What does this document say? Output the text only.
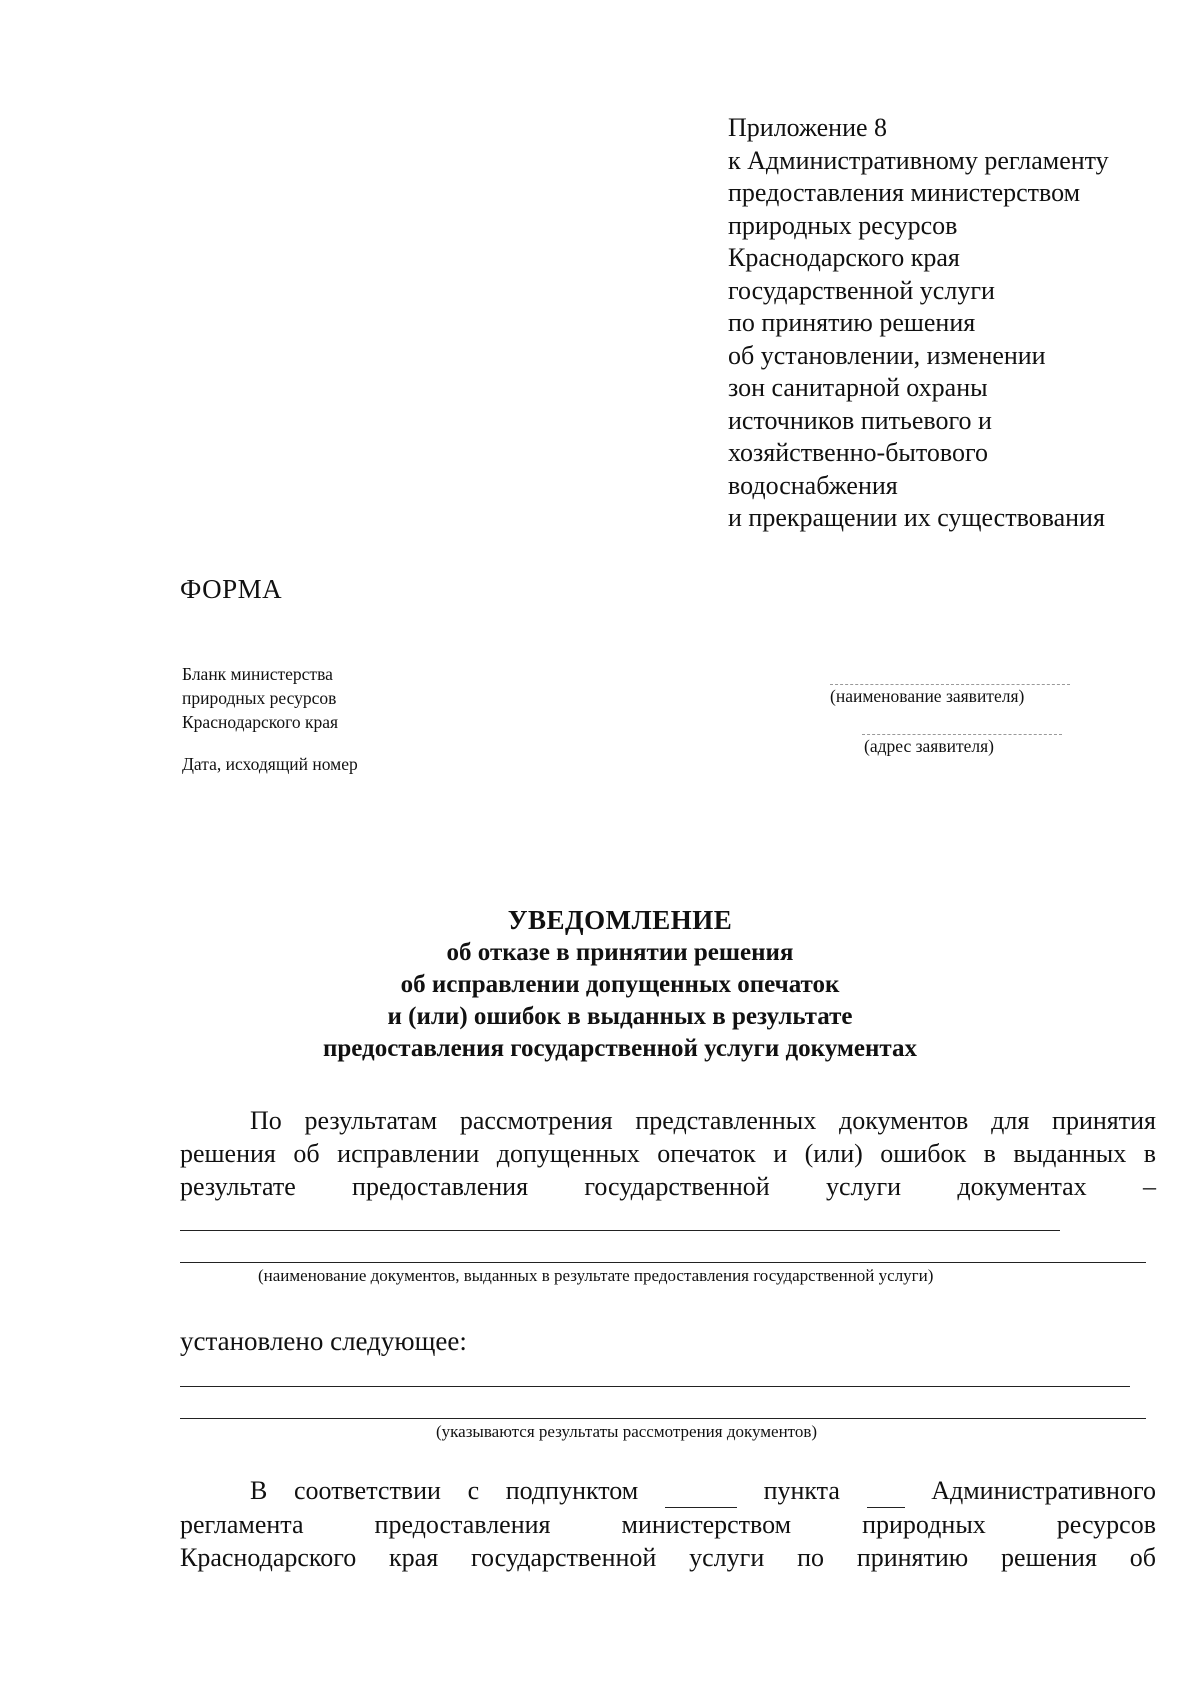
Приложение 8
к Административному регламенту
предоставления министерством
природных ресурсов
Краснодарского края
государственной услуги
по принятию решения
об установлении, изменении
зон санитарной охраны
источников питьевого и
хозяйственно-бытового
водоснабжения
и прекращении их существования
ФОРМА
Бланк министерства
природных ресурсов
Краснодарского края
Дата, исходящий номер
(наименование заявителя)
(адрес заявителя)
УВЕДОМЛЕНИЕ
об отказе в принятии решения
об исправлении допущенных опечаток
и (или) ошибок в выданных в результате
предоставления государственной услуги документах
По результатам рассмотрения представленных документов для принятия
решения об исправлении допущенных опечаток и (или) ошибок в выданных в
результате предоставления государственной услуги документах –
(наименование документов, выданных в результате предоставления государственной услуги)
установлено следующее:
(указываются результаты рассмотрения документов)
В соответствии с подпунктом	пункта	Административного
регламента предоставления министерством природных ресурсов
Краснодарского края государственной услуги по принятию решения об
